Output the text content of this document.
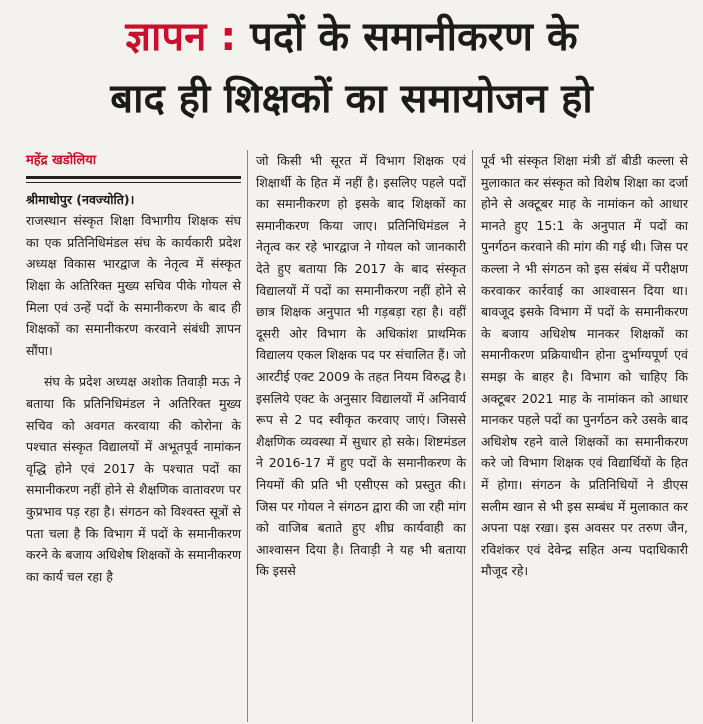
ज्ञापन : पदों के समानीकरण के
बाद ही शिक्षकों का समायोजन हो
महेंद्र खडोलिया

श्रीमाधोपुर (नवज्योति)।

राजस्थान संस्कृत शिक्षा विभागीय शिक्षक संघ का एक प्रतिनिधिमंडल संघ के कार्यकारी प्रदेश अध्यक्ष विकास भारद्वाज के नेतृत्व में संस्कृत शिक्षा के अतिरिक्त मुख्य सचिव पीके गोयल से मिला एवं उन्हें पदों के समानीकरण के बाद ही शिक्षकों का समानीकरण करवाने संबंधी ज्ञापन सौंपा।

संघ के प्रदेश अध्यक्ष अशोक तिवाड़ी मऊ ने बताया कि प्रतिनिधिमंडल ने अतिरिक्त मुख्य सचिव को अवगत करवाया की कोरोना के पश्चात संस्कृत विद्यालयों में अभूतपूर्व नामांकन वृद्धि होने एवं 2017 के पश्चात पदों का समानीकरण नहीं होने से शैक्षणिक वातावरण पर कुप्रभाव पड़ रहा है। संगठन को विश्वस्त सूत्रों से पता चला है कि विभाग में पदों के समानीकरण करने के बजाय अधिशेष शिक्षकों के समानीकरण का कार्य चल रहा है

जो किसी भी सूरत में विभाग शिक्षक एवं शिक्षार्थी के हित में नहीं है। इसलिए पहले पदों का समानीकरण हो इसके बाद शिक्षकों का समानीकरण किया जाए। प्रतिनिधिमंडल ने नेतृत्व कर रहे भारद्वाज ने गोयल को जानकारी देते हुए बताया कि 2017 के बाद संस्कृत विद्यालयों में पदों का समानीकरण नहीं होने से छात्र शिक्षक अनुपात भी गड़बड़ा रहा है। वहीं दूसरी ओर विभाग के अधिकांश प्राथमिक विद्यालय एकल शिक्षक पद पर संचालित हैं। जो आरटीई एक्ट 2009 के तहत नियम विरुद्ध है। इसलिये एक्ट के अनुसार विद्यालयों में अनिवार्य रूप से 2 पद स्वीकृत करवाए जाएं। जिससे शैक्षणिक व्यवस्था में सुधार हो सके। शिष्टमंडल ने 2016-17 में हुए पदों के समानीकरण के नियमों की प्रति भी एसीएस को प्रस्तुत की। जिस पर गोयल ने संगठन द्वारा की जा रही मांग को वाजिब बताते हुए शीघ्र कार्यवाही का आश्वासन दिया है। तिवाड़ी ने यह भी बताया कि इससे

पूर्व भी संस्कृत शिक्षा मंत्री डॉ बीडी कल्ला से मुलाकात कर संस्कृत को विशेष शिक्षा का दर्जा होने से अक्टूबर माह के नामांकन को आधार मानते हुए 15:1 के अनुपात में पदों का पुनर्गठन करवाने की मांग की गई थी। जिस पर कल्ला ने भी संगठन को इस संबंध में परीक्षण करवाकर कार्रवाई का आश्वासन दिया था। बावजूद इसके विभाग में पदों के समानीकरण के बजाय अधिशेष मानकर शिक्षकों का समानीकरण प्रक्रियाधीन होना दुर्भाग्यपूर्ण एवं समझ के बाहर है। विभाग को चाहिए कि अक्टूबर 2021 माह के नामांकन को आधार मानकर पहले पदों का पुनर्गठन करे उसके बाद अधिशेष रहने वाले शिक्षकों का समानीकरण करे जो विभाग शिक्षक एवं विद्यार्थियों के हित में होगा। संगठन के प्रतिनिधियों ने डीएस सलीम खान से भी इस सम्बंध में मुलाकात कर अपना पक्ष रखा। इस अवसर पर तरुण जैन, रविशंकर एवं देवेन्द्र सहित अन्य पदाधिकारी मौजूद रहे।
